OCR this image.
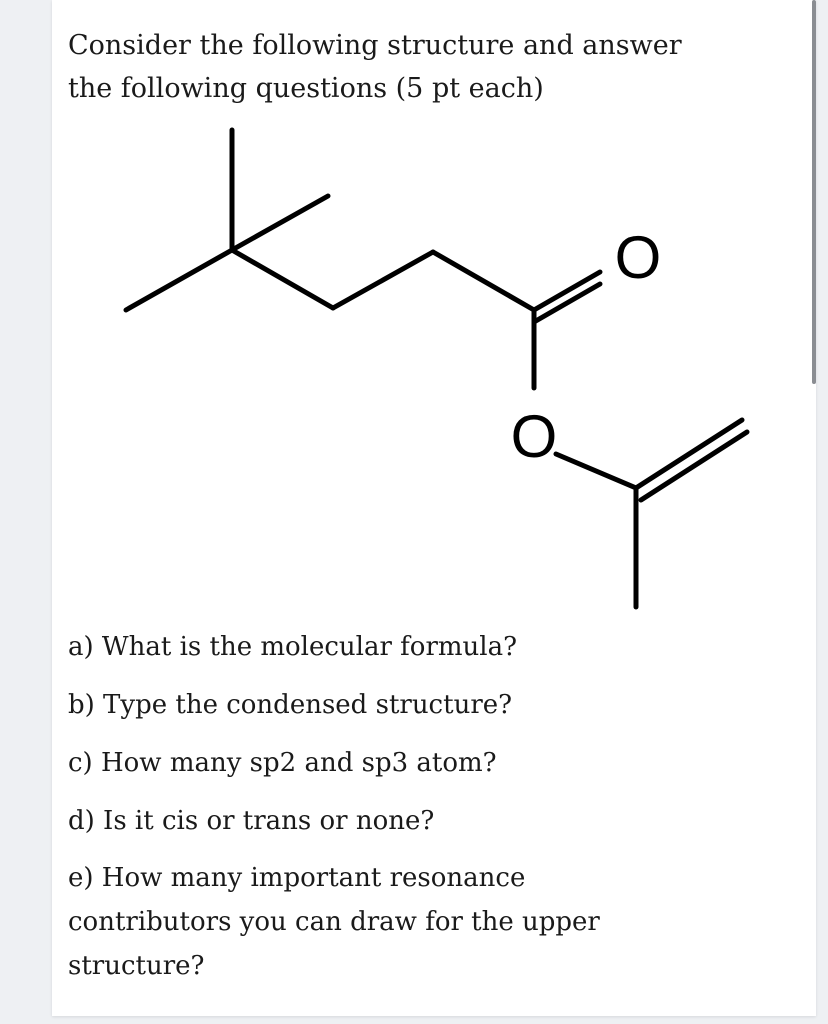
Consider the following structure and answer
the following questions (5 pt each)
O
O
a) What is the molecular formula?
b) Type the condensed structure?
c) How many sp2 and sp3 atom?
d) Is it cis or trans or none?
e) How many important resonance
contributors you can draw for the upper
structure?
